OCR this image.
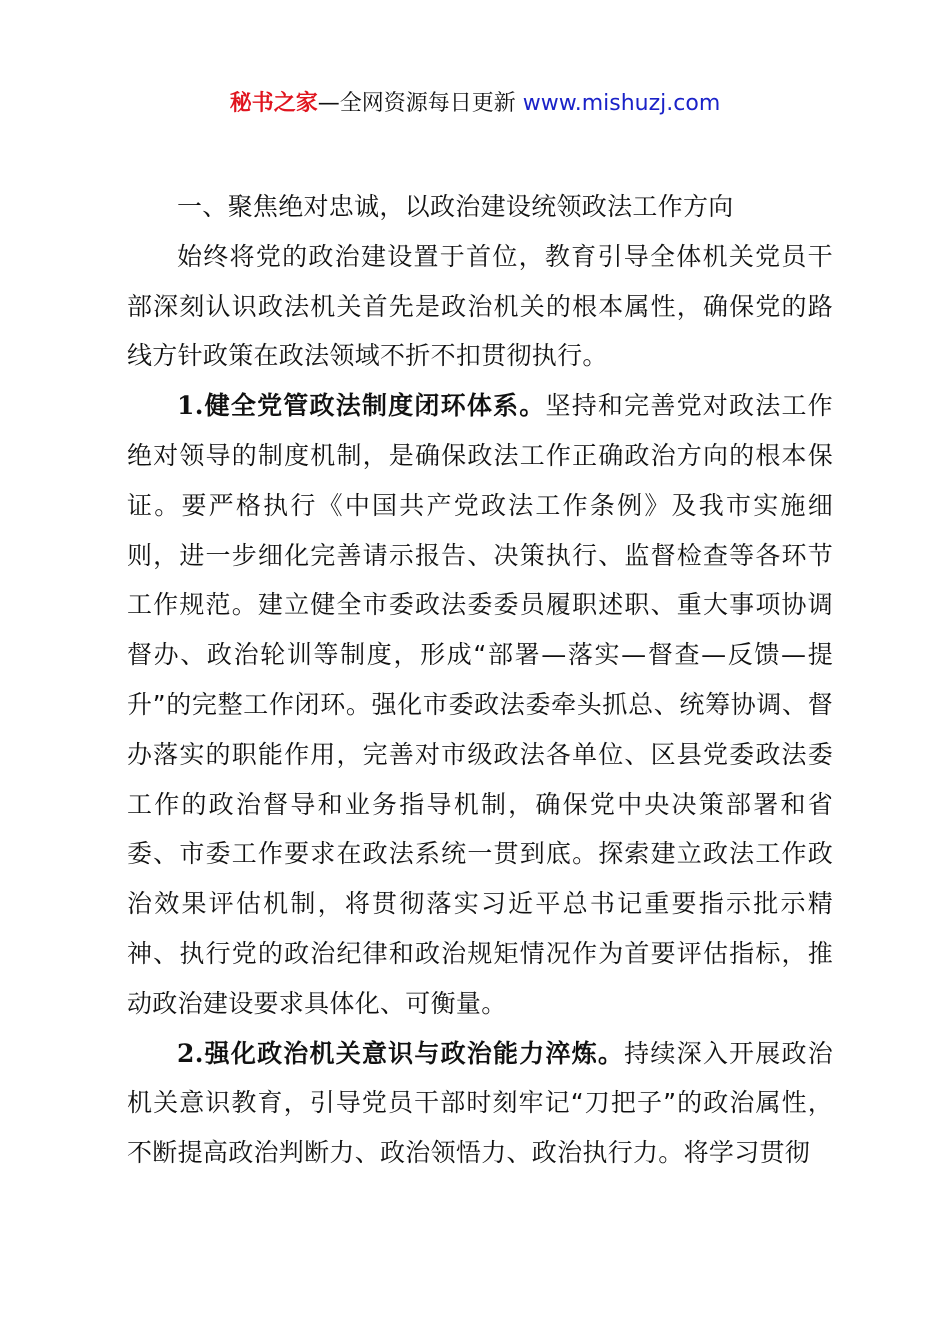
秘书之家—全网资源每日更新 www.mishuzj.com

一、聚焦绝对忠诚，以政治建设统领政法工作方向

始终将党的政治建设置于首位，教育引导全体机关党员干部深刻认识政法机关首先是政治机关的根本属性，确保党的路线方针政策在政法领域不折不扣贯彻执行。

1.健全党管政法制度闭环体系。坚持和完善党对政法工作绝对领导的制度机制，是确保政法工作正确政治方向的根本保证。要严格执行《中国共产党政法工作条例》及我市实施细则，进一步细化完善请示报告、决策执行、监督检查等各环节工作规范。建立健全市委政法委委员履职述职、重大事项协调督办、政治轮训等制度，形成“部署—落实—督查—反馈—提升”的完整工作闭环。强化市委政法委牵头抓总、统筹协调、督办落实的职能作用，完善对市级政法各单位、区县党委政法委工作的政治督导和业务指导机制，确保党中央决策部署和省委、市委工作要求在政法系统一贯到底。探索建立政法工作政治效果评估机制，将贯彻落实习近平总书记重要指示批示精神、执行党的政治纪律和政治规矩情况作为首要评估指标，推动政治建设要求具体化、可衡量。

2.强化政治机关意识与政治能力淬炼。持续深入开展政治机关意识教育，引导党员干部时刻牢记“刀把子”的政治属性，不断提高政治判断力、政治领悟力、政治执行力。将学习贯彻
